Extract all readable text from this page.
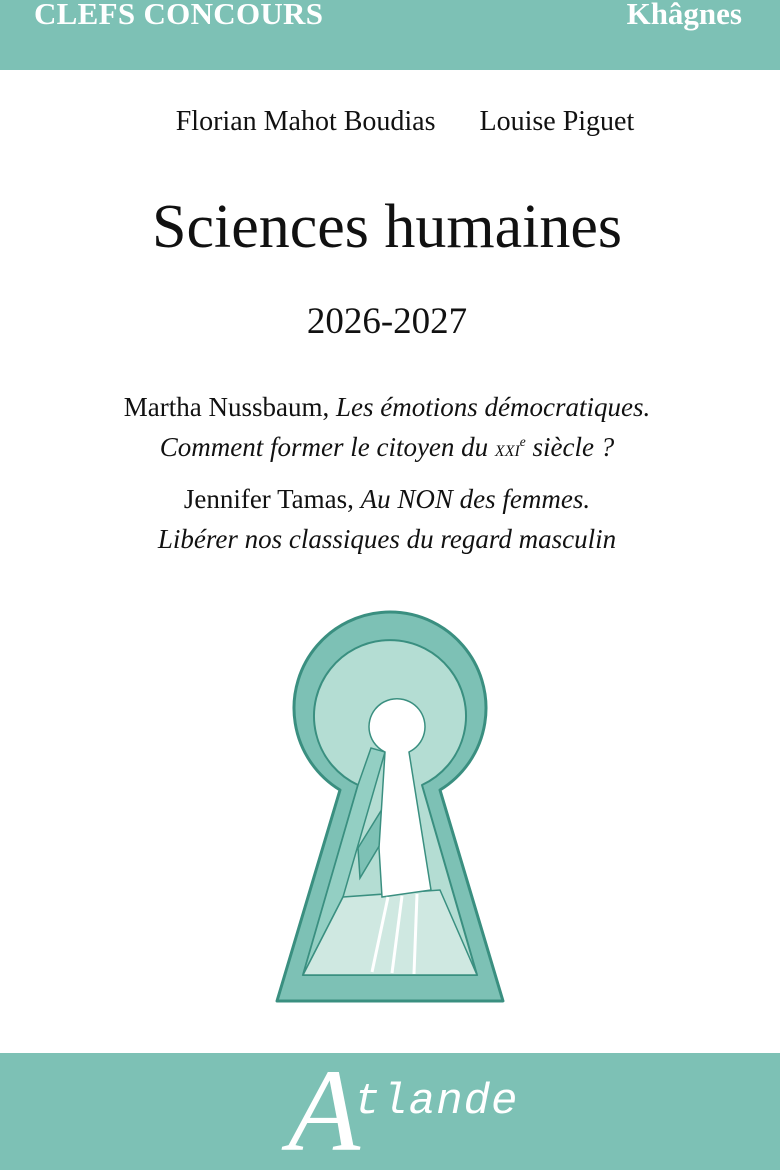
CLEFS CONCOURS	Khâgnes
Florian Mahot Boudias Louise Piguet
Sciences humaines
2026-2027
Martha Nussbaum, Les émotions démocratiques.
Comment former le citoyen du xxi$^e$ siècle ?
Jennifer Tamas, Au NON des femmes.
Libérer nos classiques du regard masculin
A
tlande
